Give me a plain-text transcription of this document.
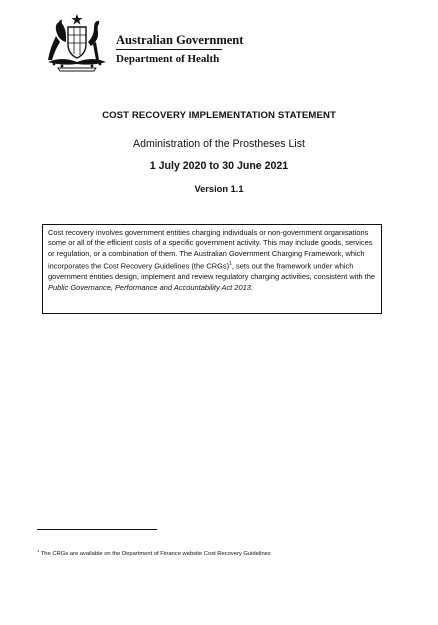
Australian Government
Department of Health
COST RECOVERY IMPLEMENTATION STATEMENT
Administration of the Prostheses List
1 July 2020 to 30 June 2021
Version 1.1

Cost recovery involves government entities charging individuals or non-government organisations some or all of the efficient costs of a specific government activity. This may include goods, services or regulation, or a combination of them. The Australian Government Charging Framework, which incorporates the Cost Recovery Guidelines (the CRGs)$^1$, sets out the framework under which government entities design, implement and review regulatory charging activities, consistent with the Public Governance, Performance and Accountability Act 2013.

$^1$ The CRGs are available on the Department of Finance website Cost Recovery Guidelines
